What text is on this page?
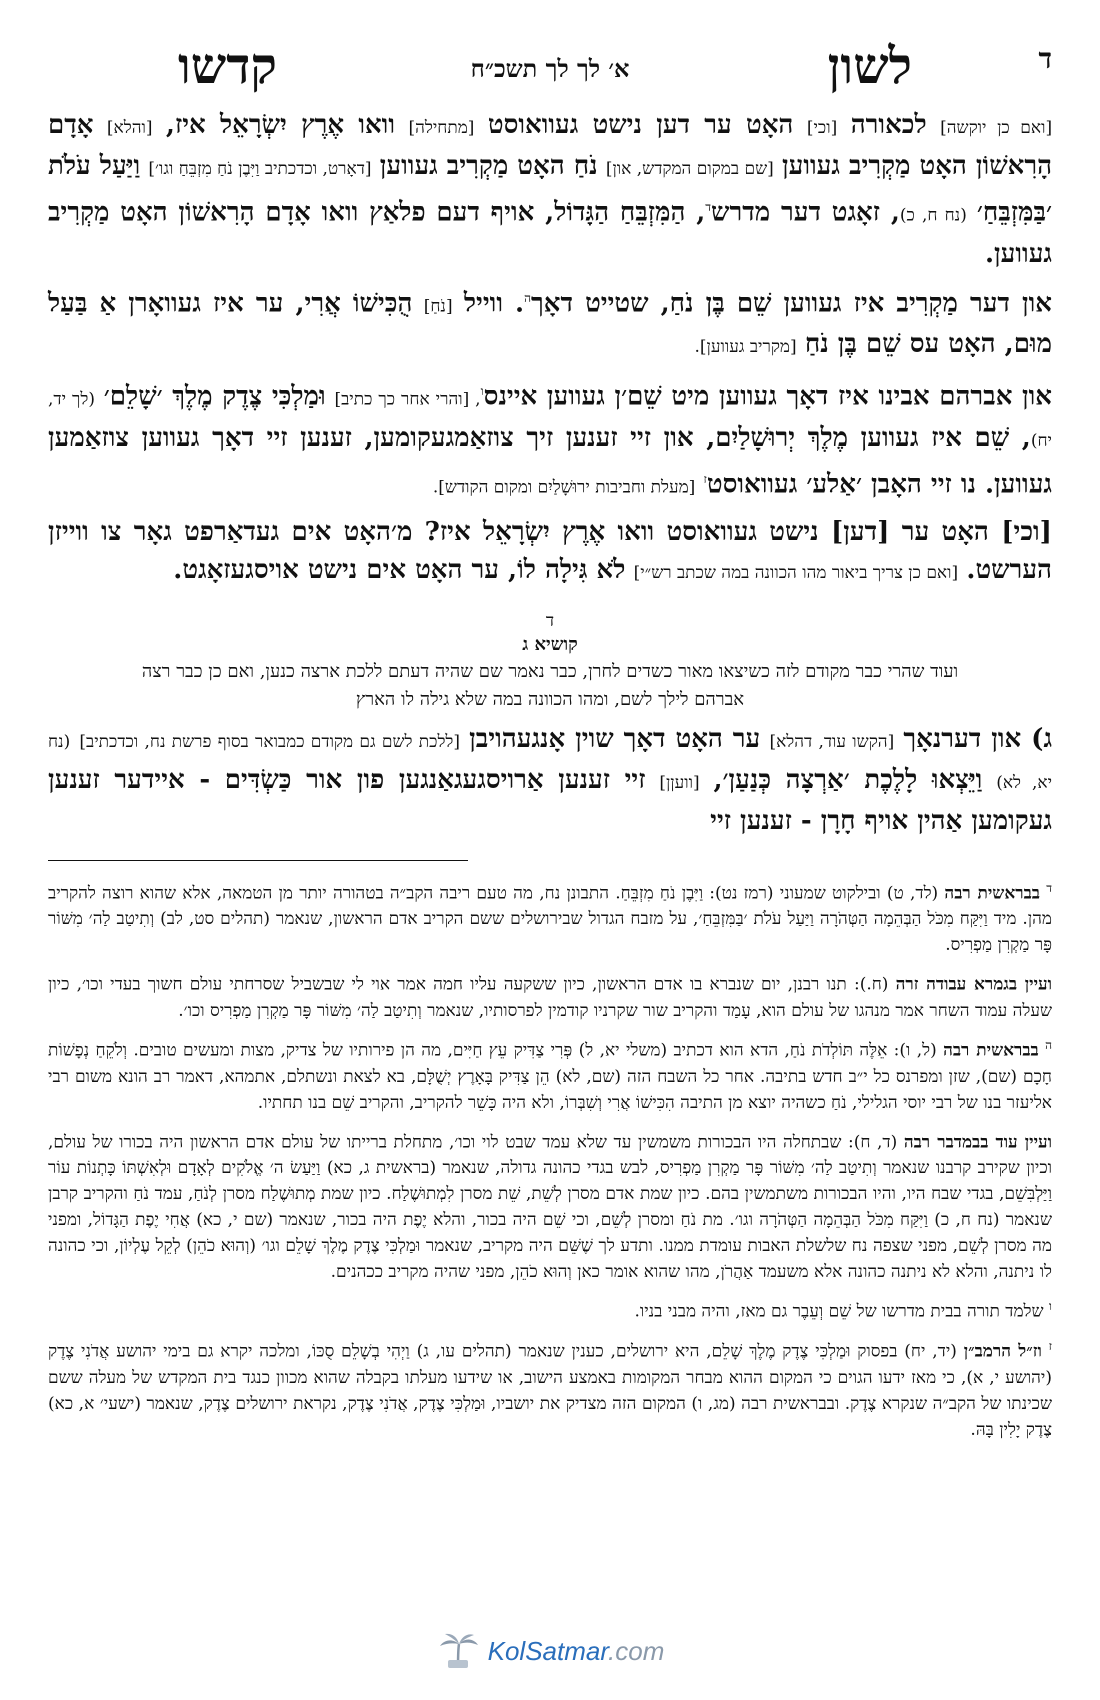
ד
לשון
א׳ לך לך תשכ״ח
קדשו

[ואם כן יוקשה] לכאורה [וכי] האָט ער דען נישט געוואוסט [מתחילה] וואו אֶרֶץ יִשְׂרָאֵל איז, [והלא] אָדָם הָרִאשׁוֹן האָט מַקְרִיב געווען [שם במקום המקדש, און] נֹחַ האָט מַקְרִיב געווען [דאָרט, וכדכתיב וַיִּבֶן נֹחַ מִזְבֵּחַ וגו׳] וַיַּעַל עֹלֹת ׳בַּמִּזְבֵּחַ׳ (נח ח, כ), זאָגט דער מדרש$^ד$, הַמִּזְבֵּחַ הַגָּדוֹל, אויף דעם פלאַץ וואו אָדָם הָרִאשׁוֹן האָט מַקְרִיב געווען.

און דער מַקְרִיב איז געווען שֵׁם בֶּן נֹחַ, שטייט דאָך$^ה$. ווייל [נֹחַ] הֻכִּישׁוֹ אֲרִי, ער איז געוואָרן אַ בַּעַל מוּם, האָט עס שֵׁם בֶּן נֹחַ [מקריב געווען].

און אברהם אבינו איז דאָך געווען מיט שֵׁם׳ן געווען איינס$^ו$, [והרי אחר כך כתיב] וּמַלְכִּי צֶדֶק מֶלֶךְ ׳שָׁלֵם׳ (לך יד, יח), שֵׁם איז געווען מֶלֶךְ יְרוּשָׁלַיִם, און זיי זענען זיך צוזאַמגעקומען, זענען זיי דאָך געווען צוזאַמען געווען. נו זיי האָבן ׳אַלע׳ געוואוסט$^ז$ [מעלת וחביבות ירוּשָׁלַיִם ומקום הקודש].

[וכי] האָט ער [דען] נישט געוואוסט וואו אֶרֶץ יִשְׂרָאֵל איז? מ׳האָט אים געדאַרפט גאָר צו ווייזן הערשט. [ואם כן צריך ביאור מהו הכוונה במה שכתב רש״י] לֹא גִּילָה לוֹ, ער האָט אים נישט אויסגעזאָגט.

ד
קושיא ג
ועוד שהרי כבר מקודם לזה כשיצאו מאור כשדים לחרן, כבר נאמר שם שהיה דעתם ללכת ארצה כנען, ואם כן כבר רצה אברהם לילך לשם, ומהו הכוונה במה שלא גילה לו הארץ

ג) און דערנאָך [הקשו עוד, דהלא] ער האָט דאָך שוין אָנגעהויבן [ללכת לשם גם מקודם כמבואר בסוף פרשת נח, וכדכתיב] (נח יא, לא) וַיֵּצְאוּ לָלֶכֶת ׳אַרְצָה כְּנַעַן׳, [וועןן] זיי זענען אַרויסגעגאַנגען פון אור כַּשְׂדִּים - איידער זענען געקומען אַהין אויף חָרָן - זענען זיי

$^ד$ בבראשית רבה (לד, ט) ובילקוט שמעוני (רמז נט): וַיִּבֶן נֹחַ מִזְבֵּחַ. התבונן נח, מה טעם ריבה הקב״ה בטהורה יותר מן הטמאה, אלא שהוא רוצה להקריב מהן. מיד וַיִּקַּח מִכֹּל הַבְּהֵמָה הַטְּהֹרָה וַיַּעַל עֹלֹת ׳בַּמִּזְבֵּחַ׳, על מזבח הגדול שבירושלים ששם הקריב אדם הראשון, שנאמר (תהלים סט, לב) וְתִיטַב לַה׳ מִשּׁוֹר פָּר מַקְרִן מַפְרִיס.

ועיין בגמרא עבודה זרה (ח.): תנו רבנן, יום שנברא בו אדם הראשון, כיון ששקעה עליו חמה אמר אוי לי שבשביל שסרחתי עולם חשוך בעדי וכו׳, כיון שעלה עמוד השחר אמר מנהגו של עולם הוא, עָמַד והקריב שור שקרניו קודמין לפרסותיו, שנאמר וְתִיטַב לַה׳ מִשּׁוֹר פָּר מַקְרִן מַפְרִיס וכו׳.

$^ה$ בבראשית רבה (ל, ו): אֵלֶּה תּוֹלְדֹת נֹחַ, הדא הוא דכתיב (משלי יא, ל) פְּרִי צַדִּיק עֵץ חַיִּים, מה הן פירותיו של צדיק, מצות ומעשים טובים. וְלֹקֵחַ נְפָשׁוֹת חָכָם (שם), שזן ומפרנס כל י״ב חדש בתיבה. אחר כל השבח הזה (שם, לא) הֵן צַדִּיק בָּאָרֶץ יְשֻׁלָּם, בא לצאת ונשתלם, אתמהא, דאמר רב הונא משום רבי אליעזר בנו של רבי יוסי הגלילי, נֹחַ כשהיה יוצא מן התיבה הִכִּישׁוֹ אֲרִי וְשִׁבְּרוֹ, ולא היה כָּשֵׁר להקריב, והקריב שֵׁם בנו תחתיו.

ועיין עוד בבמדבר רבה (ד, ח): שבתחלה היו הבכורות משמשין עד שלא עמד שבט לוי וכו׳, מתחלת ברייתו של עולם אדם הראשון היה בכורו של עולם, וכיון שקירב קרבנו שנאמר וְתִיטַב לַה׳ מִשּׁוֹר פָּר מַקְרִן מַפְרִיס, לבש בגדי כהונה גדולה, שנאמר (בראשית ג, כא) וַיַּעַשׂ ה׳ אֱלֹקִים לְאָדָם וּלְאִשְׁתּוֹ כָּתְנוֹת עוֹר וַיַּלְבִּשֵׁם, בגדי שבח היו, והיו הבכורות משתמשין בהם. כיון שמת אדם מסרן לְשֵׁת, שֵׁת מסרן לִמְתוּשֶׁלַח. כיון שמת מְתוּשֶׁלַח מסרן לְנֹחַ, עמד נֹחַ והקריב קרבן שנאמר (נח ח, כ) וַיִּקַּח מִכֹּל הַבְּהֵמָה הַטְּהֹרָה וגו׳. מת נֹחַ ומסרן לְשֵׁם, וכי שֵׁם היה בכור, והלא יֶפֶת היה בכור, שנאמר (שם י, כא) אֲחִי יֶפֶת הַגָּדוֹל, ומפני מה מסרן לְשֵׁם, מפני שצפה נח שלשלת האבות עומדת ממנו. ותדע לך שֶׁשֵּׁם היה מקריב, שנאמר וּמַלְכִּי צֶדֶק מֶלֶךְ שָׁלֵם וגו׳ (וְהוּא כֹהֵן) לְקֵל עֶלְיוֹן, וכי כהונה לו ניתנה, והלא לא ניתנה כהונה אלא משעמד אַהֲרֹן, מהו שהוא אומר כאן וְהוּא כֹהֵן, מפני שהיה מקריב ככהנים.

$^ו$ שלמד תורה בבית מדרשו של שֵׁם וְעֵבֶר גם מאז, והיה מבני בניו.

$^ז$ וז״ל הרמב״ן (יד, יח) בפסוק וּמַלְכִּי צֶדֶק מֶלֶךְ שָׁלֵם, היא ירושלים, כענין שנאמר (תהלים עו, ג) וַיְהִי בְשָׁלֵם סֻכּוֹ, ומלכה יקרא גם בימי יהושע אֲדֹנִי צֶדֶק (יהושע י, א), כי מאז ידעו הגוים כי המקום ההוא מבחר המקומות באמצע הישוב, או שידעו מעלתו בקבלה שהוא מכוון כנגד בית המקדש של מעלה ששם שכינתו של הקב״ה שנקרא צֶדֶק. ובבראשית רבה (מג, ו) המקום הזה מצדיק את יושביו, וּמַלְכִּי צֶדֶק, אֲדֹנִי צֶדֶק, נקראת ירושלים צֶדֶק, שנאמר (ישעי׳ א, כא) צֶדֶק יָלִין בָּהּ.

KolSatmar.com
